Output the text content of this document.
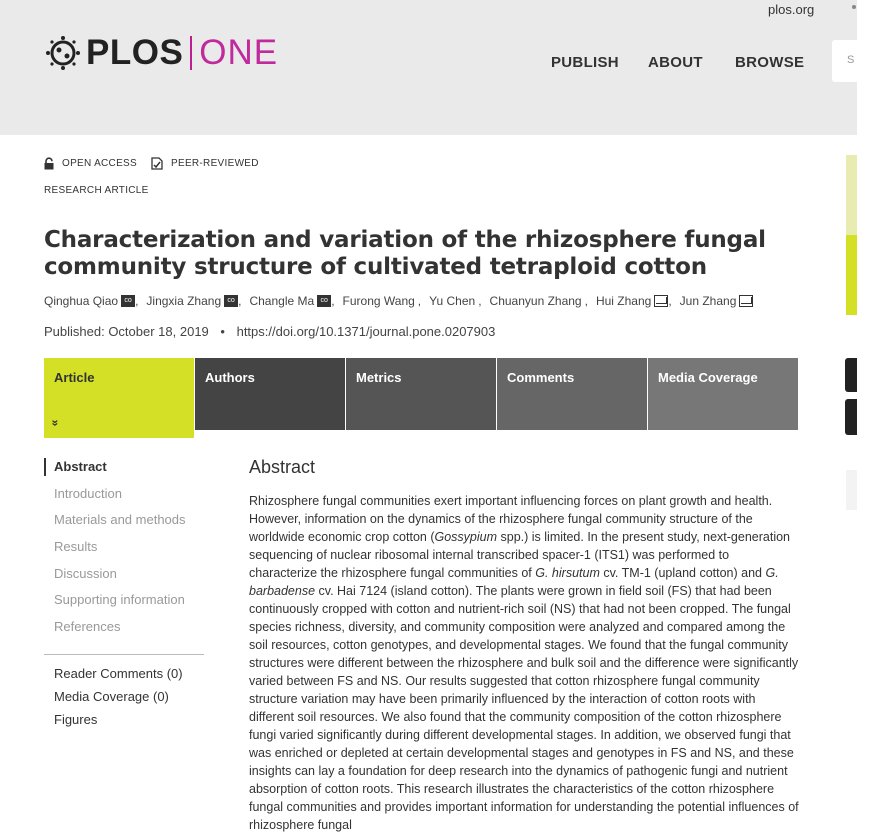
plos.org
PLOS ONE	PUBLISH ABOUT BROWSE	S
OPEN ACCESS	PEER-REVIEWED
RESEARCH ARTICLE
Characterization and variation of the rhizosphere fungal community structure of cultivated tetraploid cotton
Qinghua Qiao co , Jingxia Zhang co , Changle Ma co , Furong Wang , Yu Chen , Chuanyun Zhang , Hui Zhang , Jun Zhang
Published: October 18, 2019 • https://doi.org/10.1371/journal.pone.0207903
Article
»
Authors	Metrics	Comments	Media Coverage
Abstract
Introduction
Materials and methods
Results
Discussion
Supporting information
References
Reader Comments (0)
Media Coverage (0)
Figures
Abstract
Rhizosphere fungal communities exert important influencing forces on plant growth and health. However, information on the dynamics of the rhizosphere fungal community structure of the worldwide economic crop cotton (Gossypium spp.) is limited. In the present study, next-generation sequencing of nuclear ribosomal internal transcribed spacer-1 (ITS1) was performed to characterize the rhizosphere fungal communities of G. hirsutum cv. TM-1 (upland cotton) and G. barbadense cv. Hai 7124 (island cotton). The plants were grown in field soil (FS) that had been continuously cropped with cotton and nutrient-rich soil (NS) that had not been cropped. The fungal species richness, diversity, and community composition were analyzed and compared among the soil resources, cotton genotypes, and developmental stages. We found that the fungal community structures were different between the rhizosphere and bulk soil and the difference were significantly varied between FS and NS. Our results suggested that cotton rhizosphere fungal community structure variation may have been primarily influenced by the interaction of cotton roots with different soil resources. We also found that the community composition of the cotton rhizosphere fungi varied significantly during different developmental stages. In addition, we observed fungi that was enriched or depleted at certain developmental stages and genotypes in FS and NS, and these insights can lay a foundation for deep research into the dynamics of pathogenic fungi and nutrient absorption of cotton roots. This research illustrates the characteristics of the cotton rhizosphere fungal communities and provides important information for understanding the potential influences of rhizosphere fungal
